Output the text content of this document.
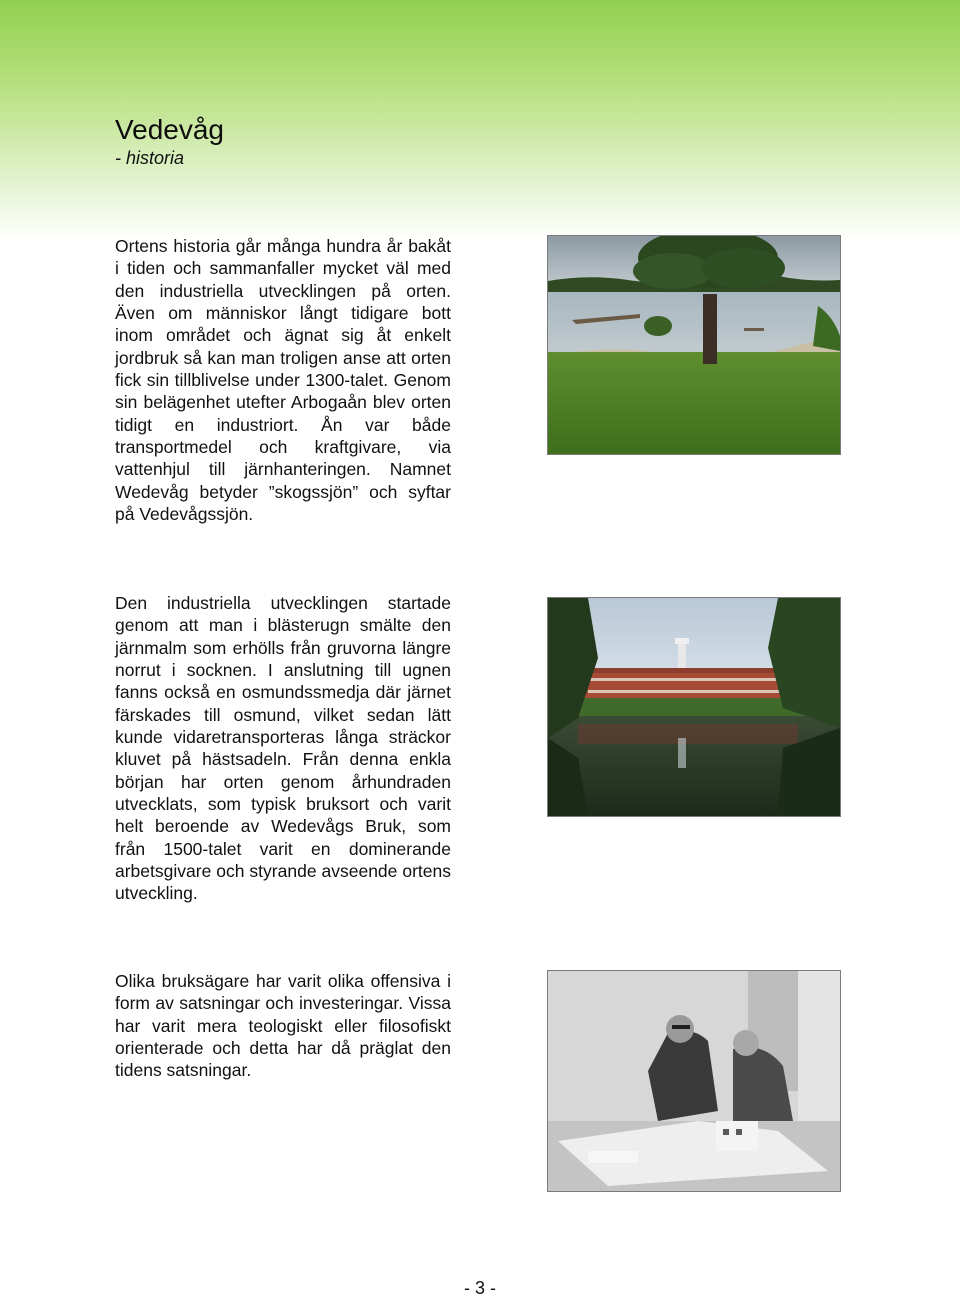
Vedevåg
- historia

Ortens historia går många hundra år bakåt i tiden och sammanfaller mycket väl med den industriella utvecklingen på orten. Även om människor långt tidigare bott inom området och ägnat sig åt enkelt jordbruk så kan man troligen anse att orten fick sin tillblivelse under 1300-talet. Genom sin belägenhet utefter Arbogaån blev orten tidigt en industriort. Ån var både transportmedel och kraftgivare, via vattenhjul till järnhanteringen. Namnet Wedevåg betyder ”skogssjön” och syftar på Vedevågssjön.

Den industriella utvecklingen startade genom att man i blästerugn smälte den järnmalm som erhölls från gruvorna längre norrut i socknen. I anslutning till ugnen fanns också en osmundssmedja där järnet färskades till osmund, vilket sedan lätt kunde vidaretransporteras långa sträckor kluvet på hästsadeln. Från denna enkla början har orten genom århundraden utvecklats, som typisk bruksort och varit helt beroende av Wedevågs Bruk, som från 1500-talet varit en dominerande arbetsgivare och styrande avseende ortens utveckling.

Olika bruksägare har varit olika offensiva i form av satsningar och investeringar. Vissa har varit mera teologiskt eller filosofiskt orienterade och detta har då präglat den tidens satsningar.

- 3 -
